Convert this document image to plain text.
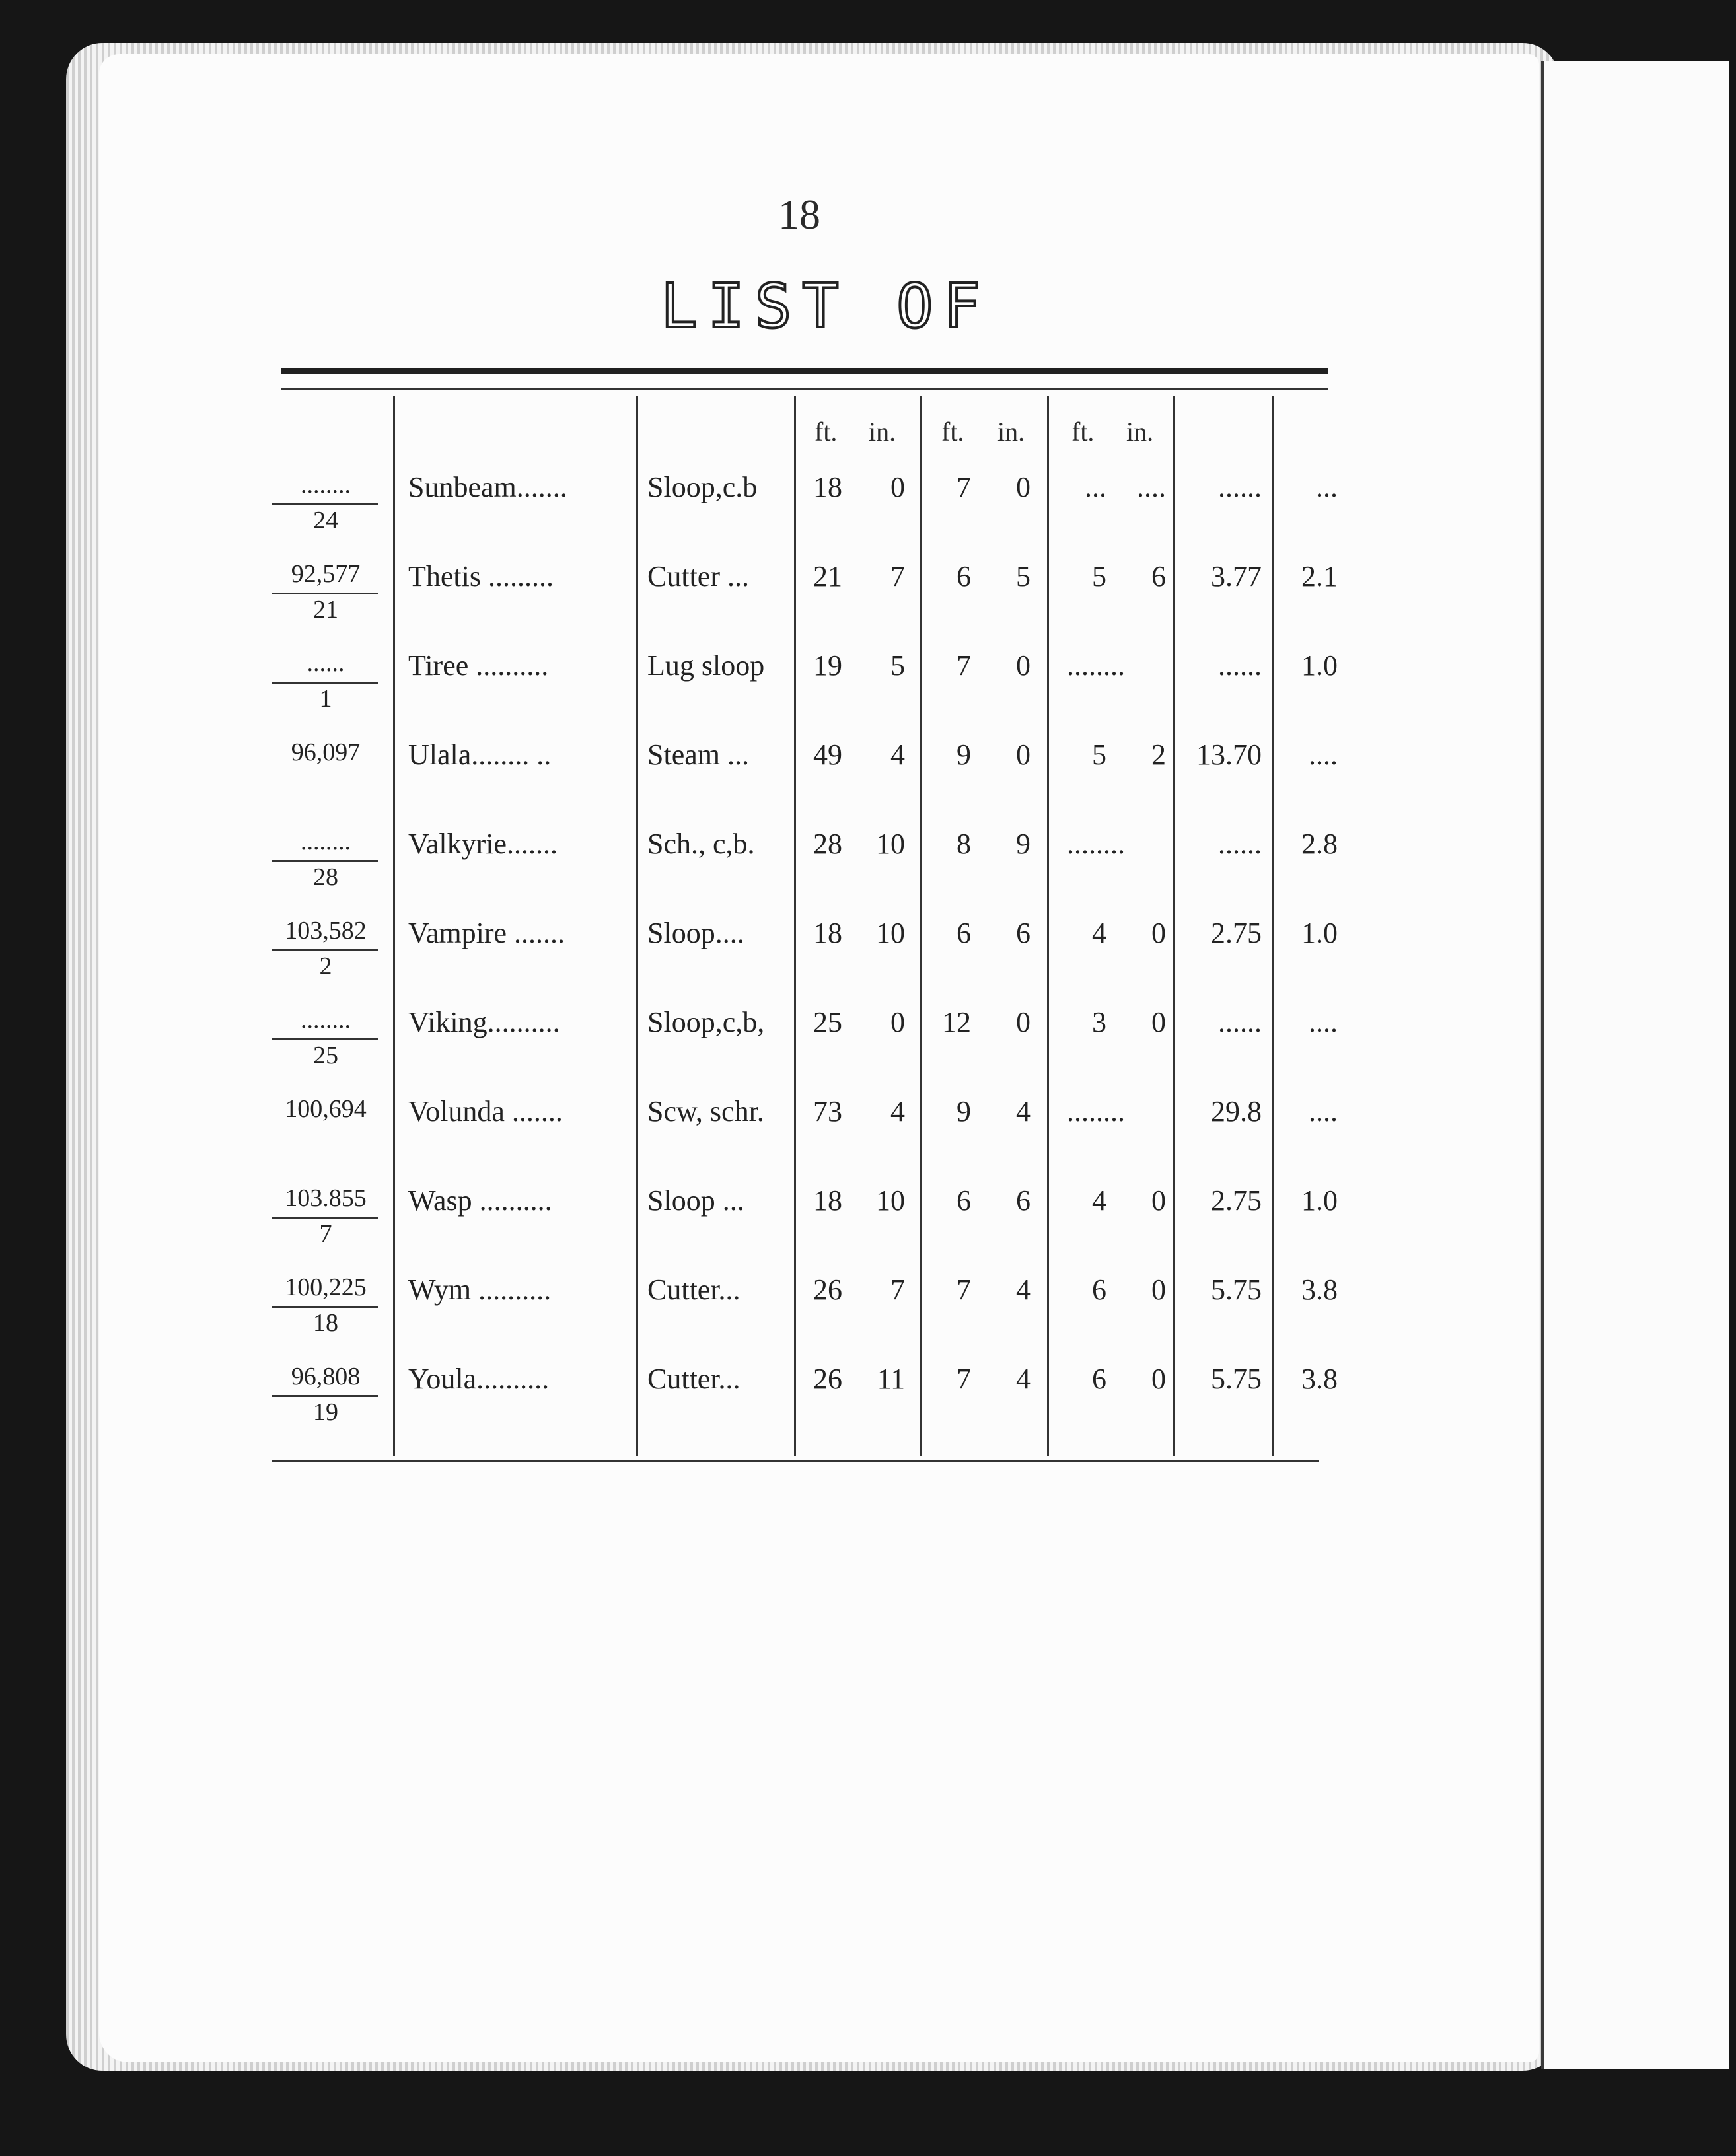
18
LIST OF
ft. in. ft. in. ft. in.
........
24
Sunbeam.......	Sloop,c.b	18	0	7	0	...	....	......	...
92,577
21
Thetis .........	Cutter ...	21	7	6	5	5	6	3.77	2.1
......
1
Tiree ..........	Lug sloop	19	5	7	0 ........	......	1.0
96,097	Ulala........ ..	Steam ...	49	4	9	0	5	2	13.70	....
........
28
Valkyrie.......	Sch., c,b.	28	10	8	9 ........	......	2.8
103,582
2
Vampire .......	Sloop....	18	10	6	6	4	0	2.75	1.0
........
25
Viking..........	Sloop,c,b,	25	0	12	0	3	0	......	....
100,694	Volunda .......	Scw, schr.	73	4	9	4 ........	29.8	....
103.855
7
Wasp ..........	Sloop ...	18	10	6	6	4	0	2.75	1.0
100,225
18
Wym ..........	Cutter...	26	7	7	4	6	0	5.75	3.8
96,808
19
Youla..........	Cutter...	26	11	7	4	6	0	5.75	3.8
